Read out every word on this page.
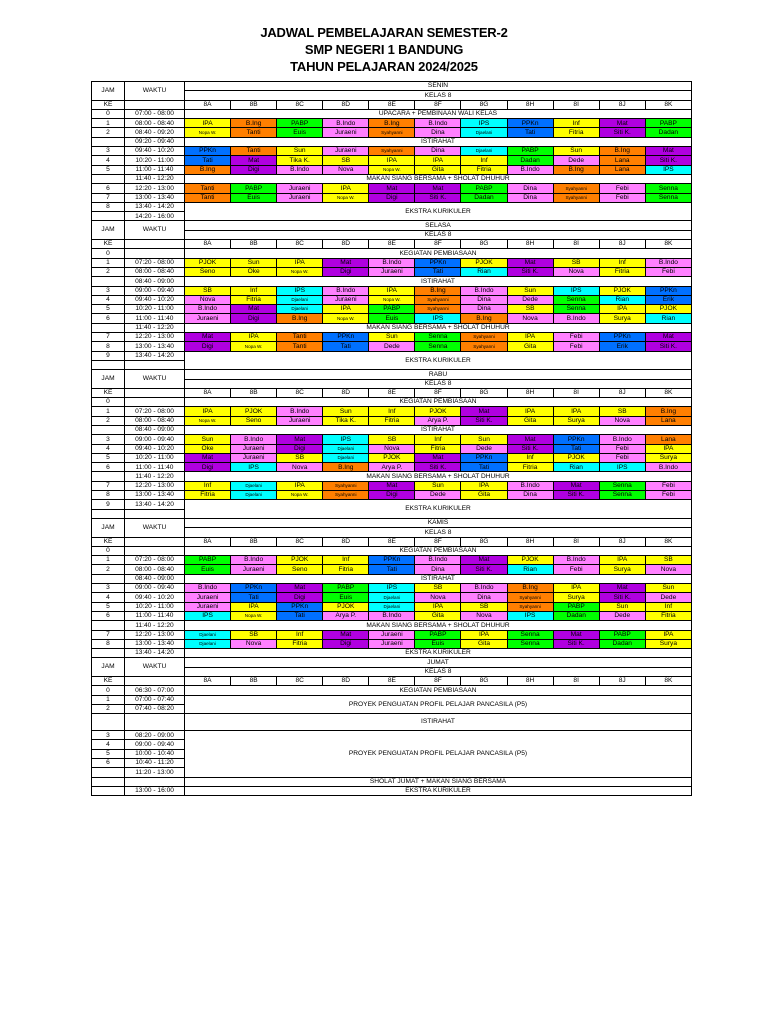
JADWAL PEMBELAJARAN SEMESTER-2
SMP NEGERI 1 BANDUNG
TAHUN PELAJARAN 2024/2025
JAM	WAKTU	SENIN										
		KELAS 8										
KE		8A	8B	8C	8D	8E	8F	8G	8H	8I	8J	8K
0	07:00 - 08:00	UPACARA + PEMBINAAN WALI KELAS										
1	08:00 - 08:40	IPA	B.Ing	PABP	B.Indo	B.Ing	B.Indo	IPS	PPKn	Inf	Mat	PABP
2	08:40 - 09:20	Nopa W.	Tanti	Euis	Juraeni	Syahyanni	Dina	Djaelani	Tati	Fitria	Siti K.	Dadan
	09:20 - 09:40	ISTIRAHAT										
3	09:40 - 10:20	PPKn	Tanti	Sun	Juraeni	Syahyanni	Dina	Djaelani	PABP	Sun	B.Ing	Mat
4	10:20 - 11:00	Tati	Mat	Tika K.	SB	IPA	IPA	Inf	Dadan	Dede	Lana	Siti K.
5	11:00 - 11:40	B.Ing	Digi	B.Indo	Nova	Nopa W.	Gita	Fitria	B.Indo	B.Ing	Lana	IPS
	11:40 - 12:20	MAKAN SIANG BERSAMA + SHOLAT DHUHUR										
6	12:20 - 13:00	Tanti	PABP	Juraeni	IPA	Mat	Mat	PABP	Dina	Syahyanni	Febi	Senna
7	13:00 - 13:40	Tanti	Euis	Juraeni	Nopa W.	Digi	Siti K.	Dadan	Dina	Syahyanni	Febi	Senna
8	13:40 - 14:20	EKSTRA KURIKULER										
	14:20 - 16:00											
JAM	WAKTU	SELASA										
		KELAS 8										
KE		8A	8B	8C	8D	8E	8F	8G	8H	8I	8J	8K
0		KEGIATAN PEMBIASAAN										
1	07:20 - 08:00	PJOK	Sun	IPA	Mat	B.Indo	PPKn	PJOK	Mat	SB	Inf	B.Indo
2	08:00 - 08:40	Seno	Oke	Nopa W.	Digi	Juraeni	Tati	Rian	Siti K.	Nova	Fitria	Febi
	08:40 - 09:00	ISTIRAHAT										
3	09:00 - 09:40	SB	Inf	IPS	B.Indo	IPA	B.Ing	B.Indo	Sun	IPS	PJOK	PPKn
4	09:40 - 10:20	Nova	Fitria	Djaelani	Juraeni	Nopa W.	Syahyanni	Dina	Dede	Senna	Rian	Erik
5	10:20 - 11:00	B.Indo	Mat	Djaelani	IPA	PABP	Syahyanni	Dina	SB	Senna	IPA	PJOK
6	11:00 - 11:40	Juraeni	Digi	B.Ing	Nopa W.	Euis	IPS	B.Ing	Nova	B.Indo	Surya	Rian
	11:40 - 12:20	MAKAN SIANG BERSAMA + SHOLAT DHUHUR										
7	12:20 - 13:00	Mat	IPA	Tanti	PPKn	Sun	Senna	Syahyanni	IPA	Febi	PPKn	Mat
8	13:00 - 13:40	Digi	Nopa W.	Tanti	Tati	Dede	Senna	Syahyanni	Gita	Febi	Erik	Siti K.
9	13:40 - 14:20	EKSTRA KURIKULER										

JAM	WAKTU	RABU										
		KELAS 8										
KE		8A	8B	8C	8D	8E	8F	8G	8H	8I	8J	8K
0		KEGIATAN PEMBIASAAN										
1	07:20 - 08:00	IPA	PJOK	B.Indo	Sun	Inf	PJOK	Mat	IPA	IPA	SB	B.Ing
2	08:00 - 08:40	Nopa W.	Seno	Juraeni	Tika K.	Fitria	Arya P.	Siti K.	Gita	Surya	Nova	Lana
	08:40 - 09:00	ISTIRAHAT										
3	09:00 - 09:40	Sun	B.Indo	Mat	IPS	SB	Inf	Sun	Mat	PPKn	B.Indo	Lana
4	09:40 - 10:20	Oke	Juraeni	Digi	Djaelani	Nova	Fitria	Dede	Siti K.	Tati	Febi	IPA
5	10:20 - 11:00	Mat	Juraeni	SB	Djaelani	PJOK	Mat	PPKn	Inf	PJOK	Febi	Surya
6	11:00 - 11:40	Digi	IPS	Nova	B.Ing	Arya P.	Siti K.	Tati	Fitria	Rian	IPS	B.Indo
	11:40 - 12:20	MAKAN SIANG BERSAMA + SHOLAT DHUHUR										
7	12:20 - 13:00	Inf	Djaelani	IPA	Syahyanni	Mat	Sun	IPA	B.Indo	Mat	Senna	Febi
8	13:00 - 13:40	Fitria	Djaelani	Nopa W.	Syahyanni	Digi	Dede	Gita	Dina	Siti K.	Senna	Febi
9	13:40 - 14:20	EKSTRA KURIKULER										

JAM	WAKTU	KAMIS										
		KELAS 8										
KE		8A	8B	8C	8D	8E	8F	8G	8H	8I	8J	8K
0		KEGIATAN PEMBIASAAN										
1	07:20 - 08:00	PABP	B.Indo	PJOK	Inf	PPKn	B.Indo	Mat	PJOK	B.Indo	IPA	SB
2	08:00 - 08:40	Euis	Juraeni	Seno	Fitria	Tati	Dina	Siti K.	Rian	Febi	Surya	Nova
	08:40 - 09:00	ISTIRAHAT										
3	09:00 - 09:40	B.Indo	PPKn	Mat	PABP	IPS	SB	B.Indo	B.Ing	IPA	Mat	Sun
4	09:40 - 10:20	Juraeni	Tati	Digi	Euis	Djaelani	Nova	Dina	Syahyanni	Surya	Siti K.	Dede
5	10:20 - 11:00	Juraeni	IPA	PPKn	PJOK	Djaelani	IPA	SB	Syahyanni	PABP	Sun	Inf
6	11:00 - 11:40	IPS	Nopa W.	Tati	Arya P.	B.Indo	Gita	Nova	IPS	Dadan	Dede	Fitria
	11:40 - 12:20	MAKAN SIANG BERSAMA + SHOLAT DHUHUR										
7	12:20 - 13:00	Djaelani	SB	Inf	Mat	Juraeni	PABP	IPA	Senna	Mat	PABP	IPA
8	13:00 - 13:40	Djaelani	Nova	Fitria	Digi	Juraeni	Euis	Gita	Senna	Siti K.	Dadan	Surya
	13:40 - 14:20	EKSTRA KURIKULER										
JAM	WAKTU	JUMAT										
		KELAS 8										
KE		8A	8B	8C	8D	8E	8F	8G	8H	8I	8J	8K
0	06:30 - 07:00	KEGIATAN PEMBIASAAN										
1	07:00 - 07:40	PROYEK PENGUATAN PROFIL PELAJAR PANCASILA (P5)										
2	07:40 - 08:20											
		ISTIRAHAT										
3	08:20 - 09:00	PROYEK PENGUATAN PROFIL PELAJAR PANCASILA (P5)										
4	09:00 - 09:40											
5	10:00 - 10:40											
6	10:40 - 11:20											
	11:20 - 13:00											
		SHOLAT JUMAT + MAKAN SIANG BERSAMA										
	13:00 - 16:00	EKSTRA KURIKULER										
